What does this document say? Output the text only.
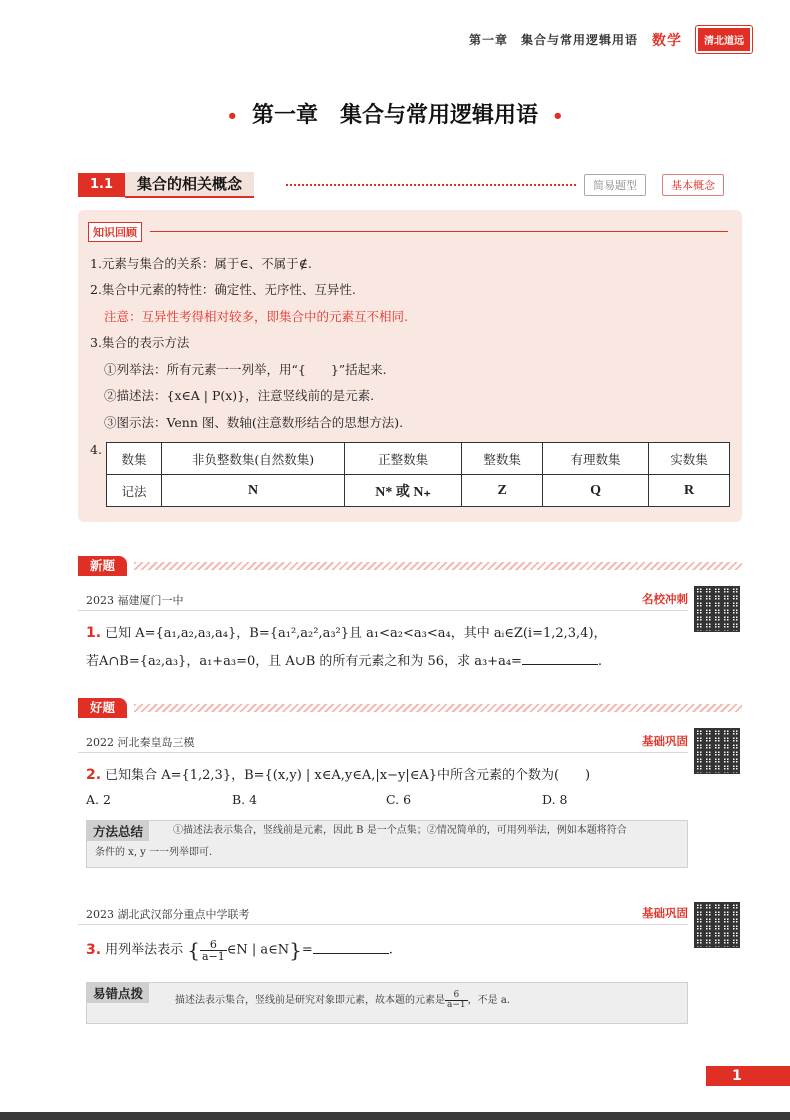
第一章　集合与常用逻辑用语 数学	清北道远
• 第一章　集合与常用逻辑用语 •
1.1	集合的相关概念	简易题型	基本概念
知识回顾
1.元素与集合的关系：属于∈、不属于∉.
2.集合中元素的特性：确定性、无序性、互异性.
注意：互异性考得相对较多，即集合中的元素互不相同.
3.集合的表示方法
①列举法：所有元素一一列举，用“{　　}”括起来.
②描述法：{x∈A | P(x)}，注意竖线前的是元素.
③图示法：Venn 图、数轴(注意数形结合的思想方法).
4.
数集	非负整数集(自然数集)	正整数集	整数集	有理数集	实数集
记法	N	N* 或 N₊	Z	Q	R
新题
2023 福建厦门一中	名校冲刺
1. 已知 A={a₁,a₂,a₃,a₄}，B={a₁²,a₂²,a₃²}且 a₁<a₂<a₃<a₄，其中 aᵢ∈Z(i=1,2,3,4)，
若A∩B={a₂,a₃}，a₁+a₃=0，且 A∪B 的所有元素之和为 56，求 a₃+a₄=	.
好题
2022 河北秦皇岛三模	基础巩固
2. 已知集合 A={1,2,3}，B={(x,y) | x∈A,y∈A,|x−y|∈A}中所含元素的个数为(　　)
A. 2	B. 4	C. 6	D. 8
方法总结	①描述法表示集合，竖线前是元素，因此 B 是一个点集；②情况简单的，可用列举法，例如本题将符合
条件的 x, y 一一列举即可.
2023 湖北武汉部分重点中学联考	基础巩固
3. 用列举法表示 { $\frac{6}{a-1}$ ∈N | a∈N}=	.
易错点拨	描述法表示集合，竖线前是研究对象即元素，故本题的元素是 $\frac{6}{a-1}$ ，不是 a.
1
